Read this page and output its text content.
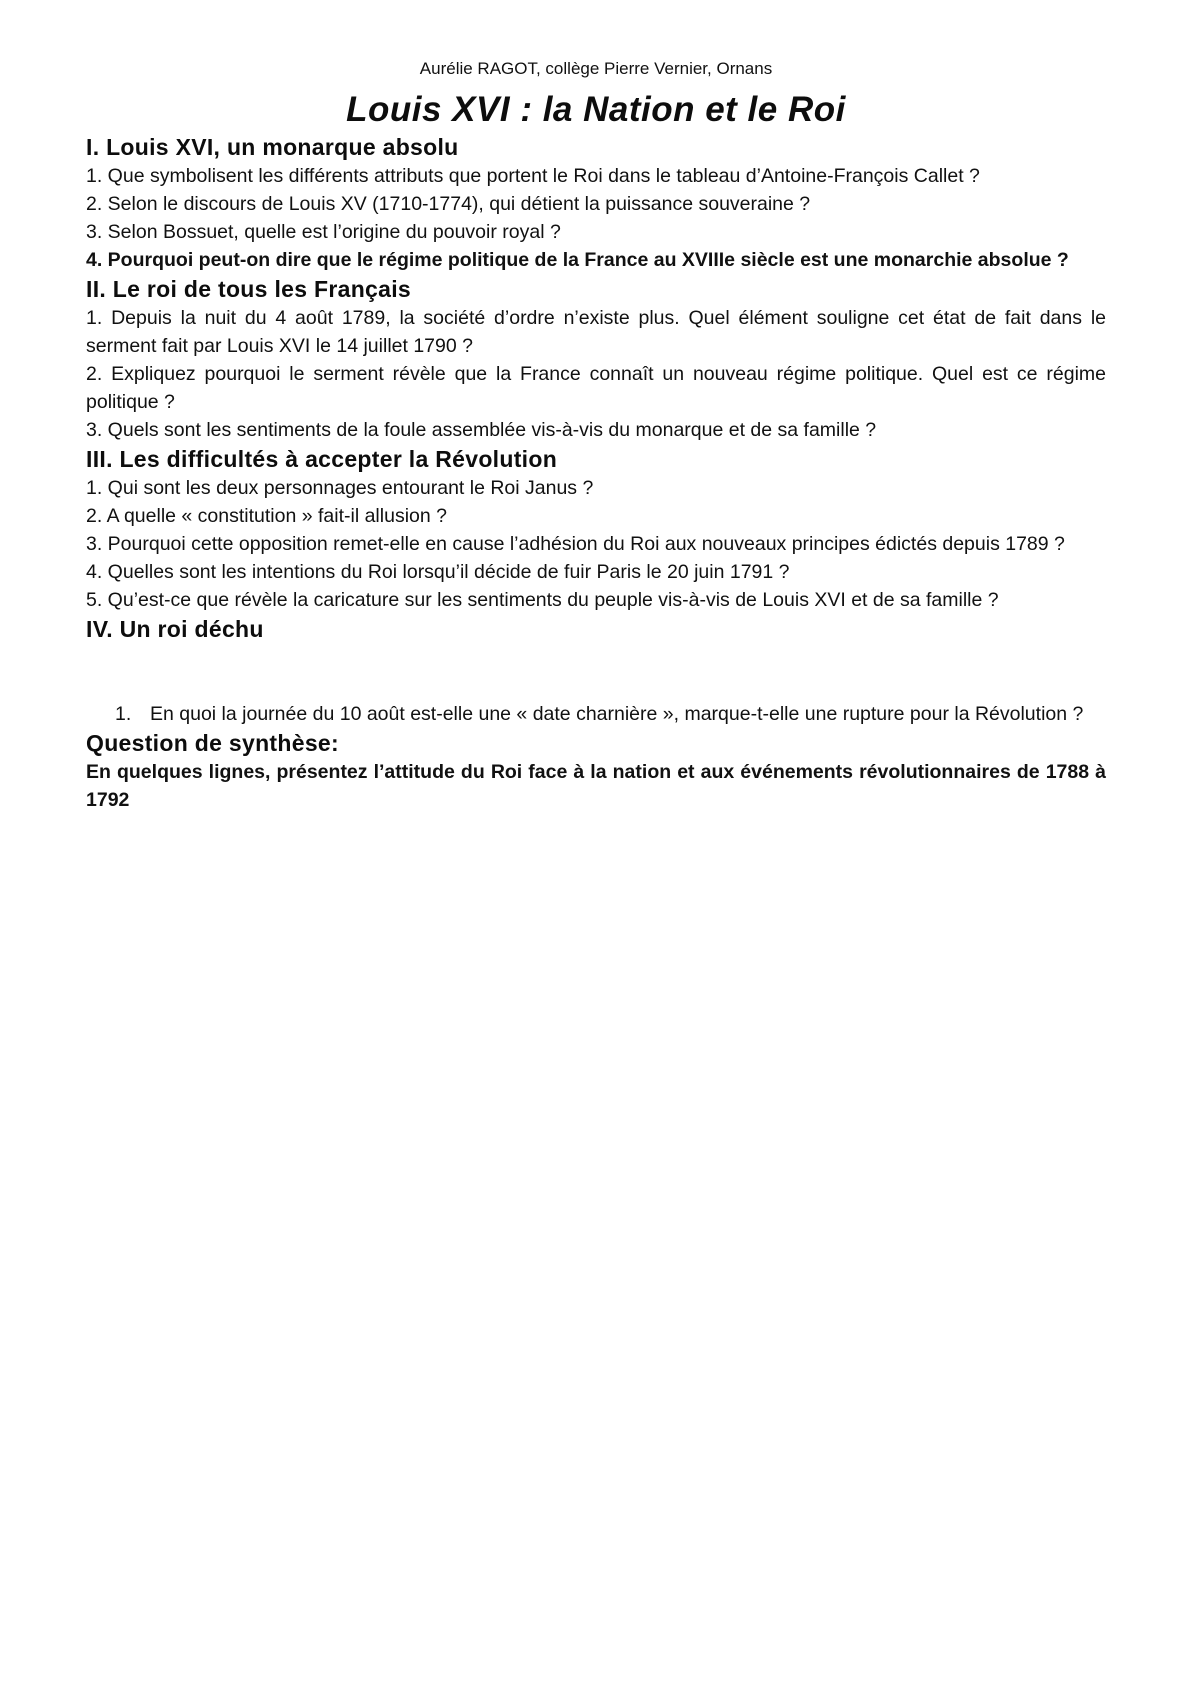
Aurélie RAGOT, collège Pierre Vernier, Ornans
Louis XVI : la Nation et le Roi
I. Louis XVI, un monarque absolu

1. Que symbolisent les différents attributs que portent le Roi dans le tableau d’Antoine-François Callet ?

2. Selon le discours de Louis XV (1710-1774), qui détient la puissance souveraine ?

3. Selon Bossuet, quelle est l’origine du pouvoir royal ?

4. Pourquoi peut-on dire que le régime politique de la France au XVIIIe siècle est une monarchie absolue ?

II. Le roi de tous les Français

1. Depuis la nuit du 4 août 1789, la société d’ordre n’existe plus. Quel élément souligne cet état de fait dans le serment fait par Louis XVI le 14 juillet 1790 ?

2. Expliquez pourquoi le serment révèle que la France connaît un nouveau régime politique. Quel est ce régime politique ?

3. Quels sont les sentiments de la foule assemblée vis-à-vis du monarque et de sa famille ?

III. Les difficultés à accepter la Révolution

1. Qui sont les deux personnages entourant le Roi Janus ?

2. A quelle « constitution » fait-il allusion ?

3. Pourquoi cette opposition remet-elle en cause l’adhésion du Roi aux nouveaux principes édictés depuis 1789 ?

4. Quelles sont les intentions du Roi lorsqu’il décide de fuir Paris le 20 juin 1791 ?

5. Qu’est-ce que révèle la caricature sur les sentiments du peuple vis-à-vis de Louis XVI et de sa famille ?

IV. Un roi déchu
1. En quoi la journée du 10 août est-elle une « date charnière », marque-t-elle une rupture pour la Révolution ?
Question de synthèse:

En quelques lignes, présentez l’attitude du Roi face à la nation et aux événements révolutionnaires de 1788 à 1792
